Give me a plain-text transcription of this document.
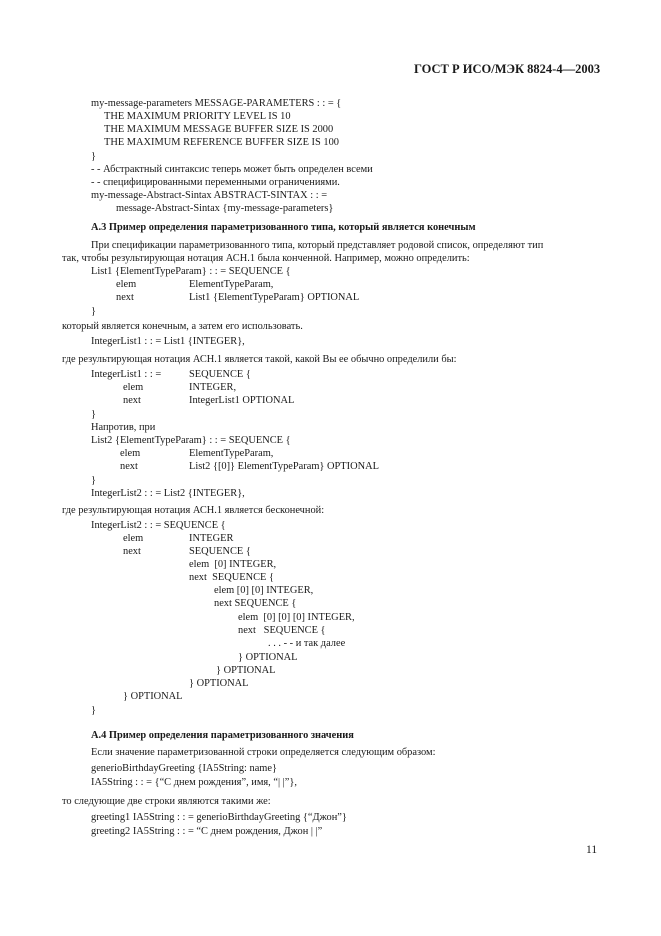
ГОСТ Р ИСО/МЭК 8824-4—2003
my-message-parameters MESSAGE-PARAMETERS : : = {
THE MAXIMUM PRIORITY LEVEL IS 10
THE MAXIMUM MESSAGE BUFFER SIZE IS 2000
THE MAXIMUM REFERENCE BUFFER SIZE IS 100
}
- - Абстрактный синтаксис теперь может быть определен всеми
- - специфицированными переменными ограничениями.
my-message-Abstract-Sintax ABSTRACT-SINTAX : : =
message-Abstract-Sintax {my-message-parameters}
А.3 Пример определения параметризованного типа, который является конечным
При спецификации параметризованного типа, который представляет родовой список, определяют тип
так, чтобы результирующая нотация АСН.1 была конченной. Например, можно определить:
List1 {ElementTypeParam} : : = SEQUENCE {
elem	ElementTypeParam,
next	List1 {ElementTypeParam} OPTIONAL
}
который является конечным, а затем его использовать.
IntegerList1 : : = List1 {INTEGER},
где результирующая нотация АСН.1 является такой, какой Вы ее обычно определили бы:
IntegerList1 : : =	SEQUENCE {
elem	INTEGER,
next	IntegerList1 OPTIONAL
}
Напротив, при
List2 {ElementTypeParam} : : = SEQUENCE {
elem	ElementTypeParam,
next	List2 {[0]} ElementTypeParam} OPTIONAL
}
IntegerList2 : : = List2 {INTEGER},
где результирующая нотация АСН.1 является бесконечной:
IntegerList2 : : = SEQUENCE {
elem	INTEGER
next	SEQUENCE {
elem  [0] INTEGER,
next  SEQUENCE {
elem [0] [0] INTEGER,
next SEQUENCE {
elem  [0] [0] [0] INTEGER,
next   SEQUENCE {
. . . - - и так далее
} OPTIONAL
} OPTIONAL
} OPTIONAL
} OPTIONAL
}
А.4 Пример определения параметризованного значения
Если значение параметризованной строки определяется следующим образом:
generioBirthdayGreeting {IA5String: name}
IA5String : : = {“С днем рождения”, имя, “| |”},
то следующие две строки являются такими же:
greeting1 IA5String : : = generioBirthdayGreeting {“Джон”}
greeting2 IA5String : : = “С днем рождения, Джон | |”
11
